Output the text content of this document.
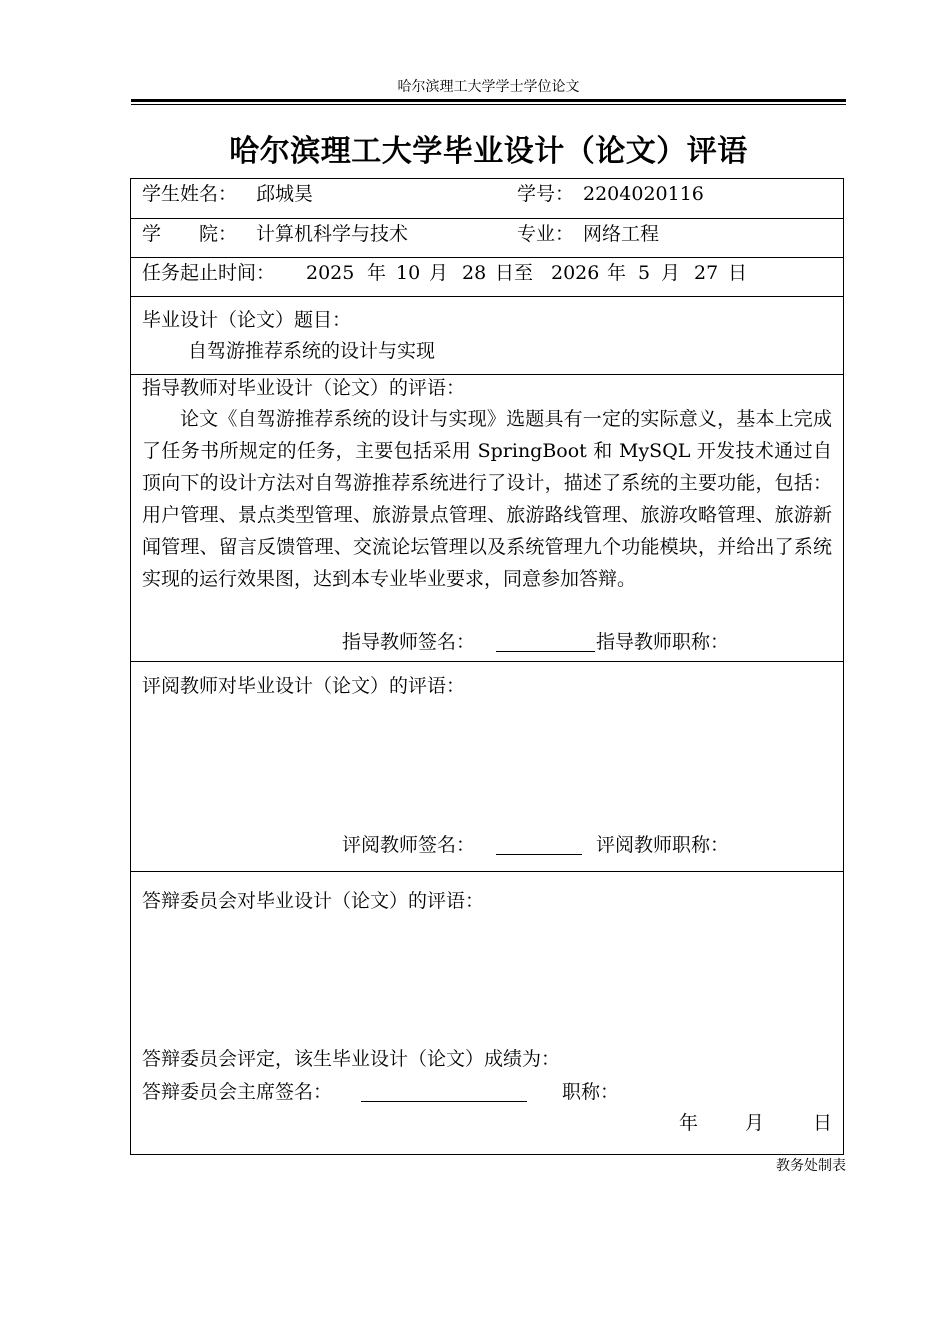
哈尔滨理工大学学士学位论文
哈尔滨理工大学毕业设计（论文）评语
学生姓名： 邱城昊	学号： 2204020116
学　　院： 计算机科学与技术	专业： 网络工程
任务起止时间： 2025 年 10 月 28 日至 2026 年 5 月 27 日
毕业设计（论文）题目：
自驾游推荐系统的设计与实现
指导教师对毕业设计（论文）的评语：
论文《自驾游推荐系统的设计与实现》选题具有一定的实际意义，基本上完成了任务书所规定的任务，主要包括采用 SpringBoot 和 MySQL 开发技术通过自顶向下的设计方法对自驾游推荐系统进行了设计，描述了系统的主要功能，包括：用户管理、景点类型管理、旅游景点管理、旅游路线管理、旅游攻略管理、旅游新闻管理、留言反馈管理、交流论坛管理以及系统管理九个功能模块，并给出了系统实现的运行效果图，达到本专业毕业要求，同意参加答辩。
指导教师签名：	指导教师职称：
评阅教师对毕业设计（论文）的评语：
评阅教师签名：	评阅教师职称：
答辩委员会对毕业设计（论文）的评语：
答辩委员会评定，该生毕业设计（论文）成绩为：
答辩委员会主席签名：	职称：
年 月	日
教务处制表
